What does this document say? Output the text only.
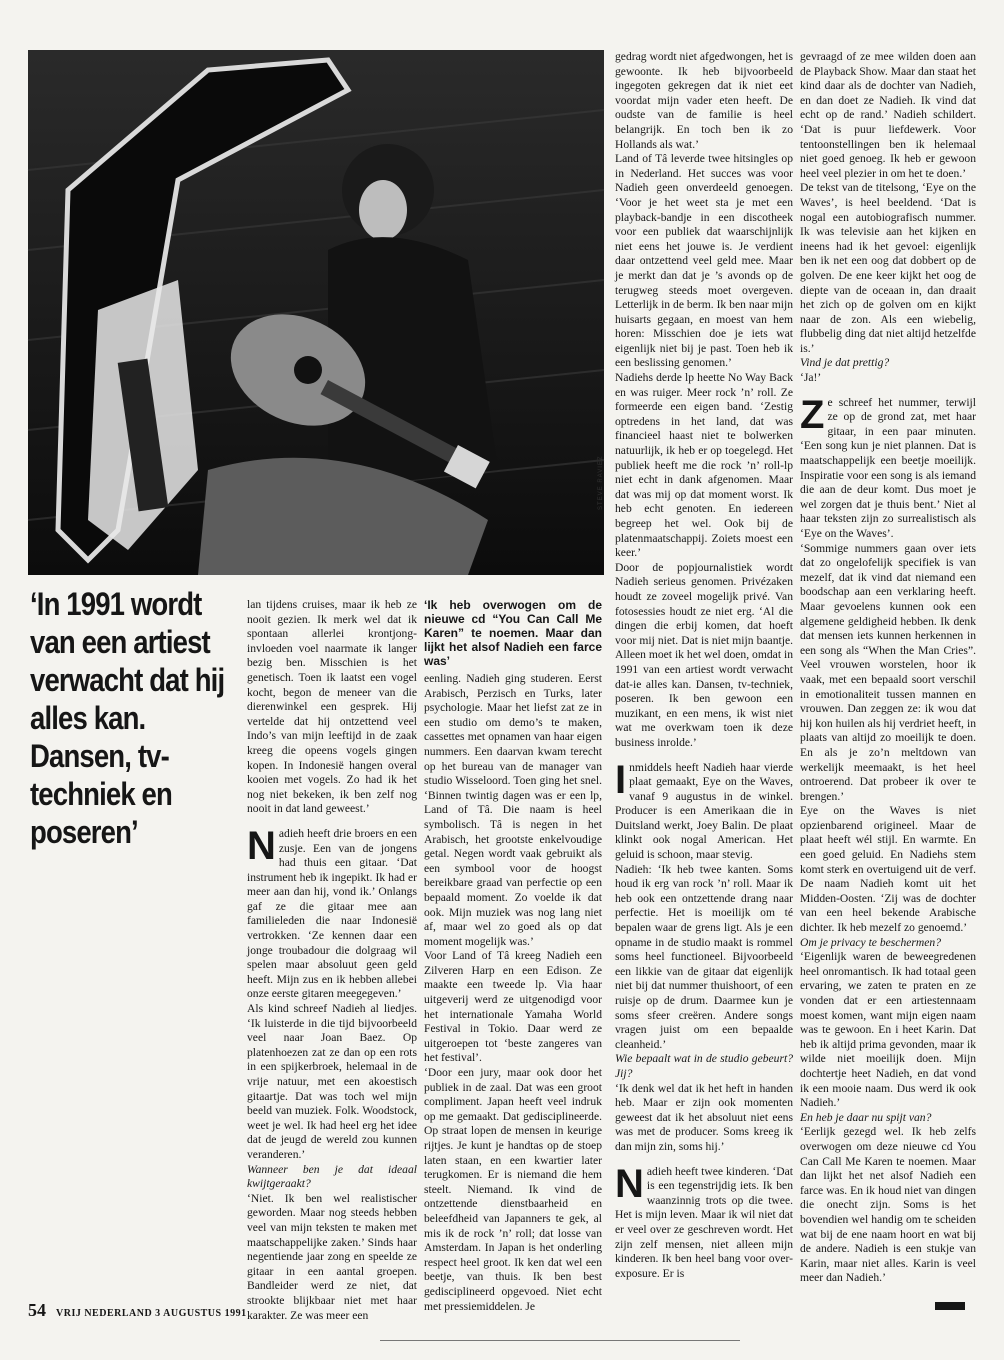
STEVE RAVIEZ
‘In 1991 wordt van een artiest verwacht dat hij alles kan. Dansen, tv-techniek en poseren’

lan tijdens cruises, maar ik heb ze nooit gezien. Ik merk wel dat ik spontaan allerlei krontjong-invloeden voel naarmate ik langer bezig ben. Misschien is het genetisch. Toen ik laatst een vogel kocht, begon de meneer van die dierenwinkel een gesprek. Hij vertelde dat hij ontzettend veel Indo’s van mijn leeftijd in de zaak kreeg die opeens vogels gingen kopen. In Indonesië hangen overal kooien met vogels. Zo had ik het nog niet bekeken, ik ben zelf nog nooit in dat land geweest.’

Nadieh heeft drie broers en een zusje. Een van de jongens had thuis een gitaar. ‘Dat instrument heb ik ingepikt. Ik had er meer aan dan hij, vond ik.’ Onlangs gaf ze die gitaar mee aan familieleden die naar Indonesië vertrokken. ‘Ze kennen daar een jonge troubadour die dolgraag wil spelen maar absoluut geen geld heeft. Mijn zus en ik hebben allebei onze eerste gitaren meegegeven.’

Als kind schreef Nadieh al liedjes. ‘Ik luisterde in die tijd bijvoorbeeld veel naar Joan Baez. Op platenhoezen zat ze dan op een rots in een spijkerbroek, helemaal in de vrije natuur, met een akoestisch gitaartje. Dat was toch wel mijn beeld van muziek. Folk. Woodstock, weet je wel. Ik had heel erg het idee dat de jeugd de wereld zou kunnen veranderen.’

Wanneer ben je dat ideaal kwijtgeraakt?

‘Niet. Ik ben wel realistischer geworden. Maar nog steeds hebben veel van mijn teksten te maken met maatschappelijke zaken.’ Sinds haar negentiende jaar zong en speelde ze gitaar in een aantal groepen. Bandleider werd ze niet, dat strookte blijkbaar niet met haar karakter. Ze was meer een

‘Ik heb overwogen om de nieuwe cd “You Can Call Me Karen” te noemen. Maar dan lijkt het alsof Nadieh een farce was’

eenling. Nadieh ging studeren. Eerst Arabisch, Perzisch en Turks, later psychologie. Maar het liefst zat ze in een studio om demo’s te maken, cassettes met opnamen van haar eigen nummers. Een daarvan kwam terecht op het bureau van de manager van studio Wisseloord. Toen ging het snel. ‘Binnen twintig dagen was er een lp, Land of Tâ. Die naam is heel symbolisch. Tâ is negen in het Arabisch, het grootste enkelvoudige getal. Negen wordt vaak gebruikt als een symbool voor de hoogst bereikbare graad van perfectie op een bepaald moment. Zo voelde ik dat ook. Mijn muziek was nog lang niet af, maar wel zo goed als op dat moment mogelijk was.’

Voor Land of Tâ kreeg Nadieh een Zilveren Harp en een Edison. Ze maakte een tweede lp. Via haar uitgeverij werd ze uitgenodigd voor het internationale Yamaha World Festival in Tokio. Daar werd ze uitgeroepen tot ‘beste zangeres van het festival’.

‘Door een jury, maar ook door het publiek in de zaal. Dat was een groot compliment. Japan heeft veel indruk op me gemaakt. Dat gedisciplineerde. Op straat lopen de mensen in keurige rijtjes. Je kunt je handtas op de stoep laten staan, en een kwartier later terugkomen. Er is niemand die hem steelt. Niemand. Ik vind de ontzettende dienstbaarheid en beleefdheid van Japanners te gek, al mis ik de rock ’n’ roll; dat losse van Amsterdam. In Japan is het onderling respect heel groot. Ik ken dat wel een beetje, van thuis. Ik ben best gedisciplineerd opgevoed. Niet echt met pressiemiddelen. Je

gedrag wordt niet afgedwongen, het is gewoonte. Ik heb bijvoorbeeld ingegoten gekregen dat ik niet eet voordat mijn vader eten heeft. De oudste van de familie is heel belangrijk. En toch ben ik zo Hollands als wat.’

Land of Tâ leverde twee hitsingles op in Nederland. Het succes was voor Nadieh geen onverdeeld genoegen. ‘Voor je het weet sta je met een playback-bandje in een discotheek voor een publiek dat waarschijnlijk niet eens het jouwe is. Je verdient daar ontzettend veel geld mee. Maar je merkt dan dat je ’s avonds op de terugweg steeds moet overgeven. Letterlijk in de berm. Ik ben naar mijn huisarts gegaan, en moest van hem horen: Misschien doe je iets wat eigenlijk niet bij je past. Toen heb ik een beslissing genomen.’

Nadiehs derde lp heette No Way Back en was ruiger. Meer rock ’n’ roll. Ze formeerde een eigen band. ‘Zestig optredens in het land, dat was financieel haast niet te bolwerken natuurlijk, ik heb er op toegelegd. Het publiek heeft me die rock ’n’ roll-lp niet echt in dank afgenomen. Maar dat was mij op dat moment worst. Ik heb echt genoten. En iedereen begreep het wel. Ook bij de platenmaatschappij. Zoiets moest een keer.’

Door de popjournalistiek wordt Nadieh serieus genomen. Privézaken houdt ze zoveel mogelijk privé. Van fotosessies houdt ze niet erg. ‘Al die dingen die erbij komen, dat hoeft voor mij niet. Dat is niet mijn baantje. Alleen moet ik het wel doen, omdat in 1991 van een artiest wordt verwacht dat-ie alles kan. Dansen, tv-techniek, poseren. Ik ben gewoon een muzikant, en een mens, ik wist niet wat me overkwam toen ik deze business inrolde.’

Inmiddels heeft Nadieh haar vierde plaat gemaakt, Eye on the Waves, vanaf 9 augustus in de winkel. Producer is een Amerikaan die in Duitsland werkt, Joey Balin. De plaat klinkt ook nogal American. Het geluid is schoon, maar stevig.

Nadieh: ‘Ik heb twee kanten. Soms houd ik erg van rock ’n’ roll. Maar ik heb ook een ontzettende drang naar perfectie. Het is moeilijk om té bepalen waar de grens ligt. Als je een opname in de studio maakt is rommel soms heel functioneel. Bijvoorbeeld een likkie van de gitaar dat eigenlijk niet bij dat nummer thuishoort, of een ruisje op de drum. Daarmee kun je soms sfeer creëren. Andere songs vragen juist om een bepaalde cleanheid.’

Wie bepaalt wat in de studio gebeurt? Jij?

‘Ik denk wel dat ik het heft in handen heb. Maar er zijn ook momenten geweest dat ik het absoluut niet eens was met de producer. Soms kreeg ik dan mijn zin, soms hij.’

Nadieh heeft twee kinderen. ‘Dat is een tegenstrijdig iets. Ik ben waanzinnig trots op die twee. Het is mijn leven. Maar ik wil niet dat er veel over ze geschreven wordt. Het zijn zelf mensen, niet alleen mijn kinderen. Ik ben heel bang voor over-exposure. Er is

gevraagd of ze mee wilden doen aan de Playback Show. Maar dan staat het kind daar als de dochter van Nadieh, en dan doet ze Nadieh. Ik vind dat echt op de rand.’ Nadieh schildert. ‘Dat is puur liefdewerk. Voor tentoonstellingen ben ik helemaal niet goed genoeg. Ik heb er gewoon heel veel plezier in om het te doen.’

De tekst van de titelsong, ‘Eye on the Waves’, is heel beeldend. ‘Dat is nogal een autobiografisch nummer. Ik was televisie aan het kijken en ineens had ik het gevoel: eigenlijk ben ik net een oog dat dobbert op de golven. De ene keer kijkt het oog de diepte van de oceaan in, dan draait het zich op de golven om en kijkt naar de zon. Als een wiebelig, flubbelig ding dat niet altijd hetzelfde is.’

Vind je dat prettig?

‘Ja!’

Ze schreef het nummer, terwijl ze op de grond zat, met haar gitaar, in een paar minuten. ‘Een song kun je niet plannen. Dat is maatschappelijk een beetje moeilijk. Inspiratie voor een song is als iemand die aan de deur komt. Dus moet je wel zorgen dat je thuis bent.’ Niet al haar teksten zijn zo surrealistisch als ‘Eye on the Waves’.

‘Sommige nummers gaan over iets dat zo ongelofelijk specifiek is van mezelf, dat ik vind dat niemand een boodschap aan een verklaring heeft. Maar gevoelens kunnen ook een algemene geldigheid hebben. Ik denk dat mensen iets kunnen herkennen in een song als “When the Man Cries”. Veel vrouwen worstelen, hoor ik vaak, met een bepaald soort verschil in emotionaliteit tussen mannen en vrouwen. Dan zeggen ze: ik wou dat hij kon huilen als hij verdriet heeft, in plaats van altijd zo moeilijk te doen. En als je zo’n meltdown van werkelijk meemaakt, is het heel ontroerend. Dat probeer ik over te brengen.’

Eye on the Waves is niet opzienbarend origineel. Maar de plaat heeft wél stijl. En warmte. En een goed geluid. En Nadiehs stem komt sterk en overtuigend uit de verf. De naam Nadieh komt uit het Midden-Oosten. ‘Zij was de dochter van een heel bekende Arabische dichter. Ik heb mezelf zo genoemd.’

Om je privacy te beschermen?

‘Eigenlijk waren de beweegredenen heel onromantisch. Ik had totaal geen ervaring, we zaten te praten en ze vonden dat er een artiestennaam moest komen, want mijn eigen naam was te gewoon. En i heet Karin. Dat heb ik altijd prima gevonden, maar ik wilde niet moeilijk doen. Mijn dochtertje heet Nadieh, en dat vond ik een mooie naam. Dus werd ik ook Nadieh.’

En heb je daar nu spijt van?

‘Eerlijk gezegd wel. Ik heb zelfs overwogen om deze nieuwe cd You Can Call Me Karen te noemen. Maar dan lijkt het net alsof Nadieh een farce was. En ik houd niet van dingen die onecht zijn. Soms is het bovendien wel handig om te scheiden wat bij de ene naam hoort en wat bij de andere. Nadieh is een stukje van Karin, maar niet alles. Karin is veel meer dan Nadieh.’

54 VRIJ NEDERLAND 3 AUGUSTUS 1991
